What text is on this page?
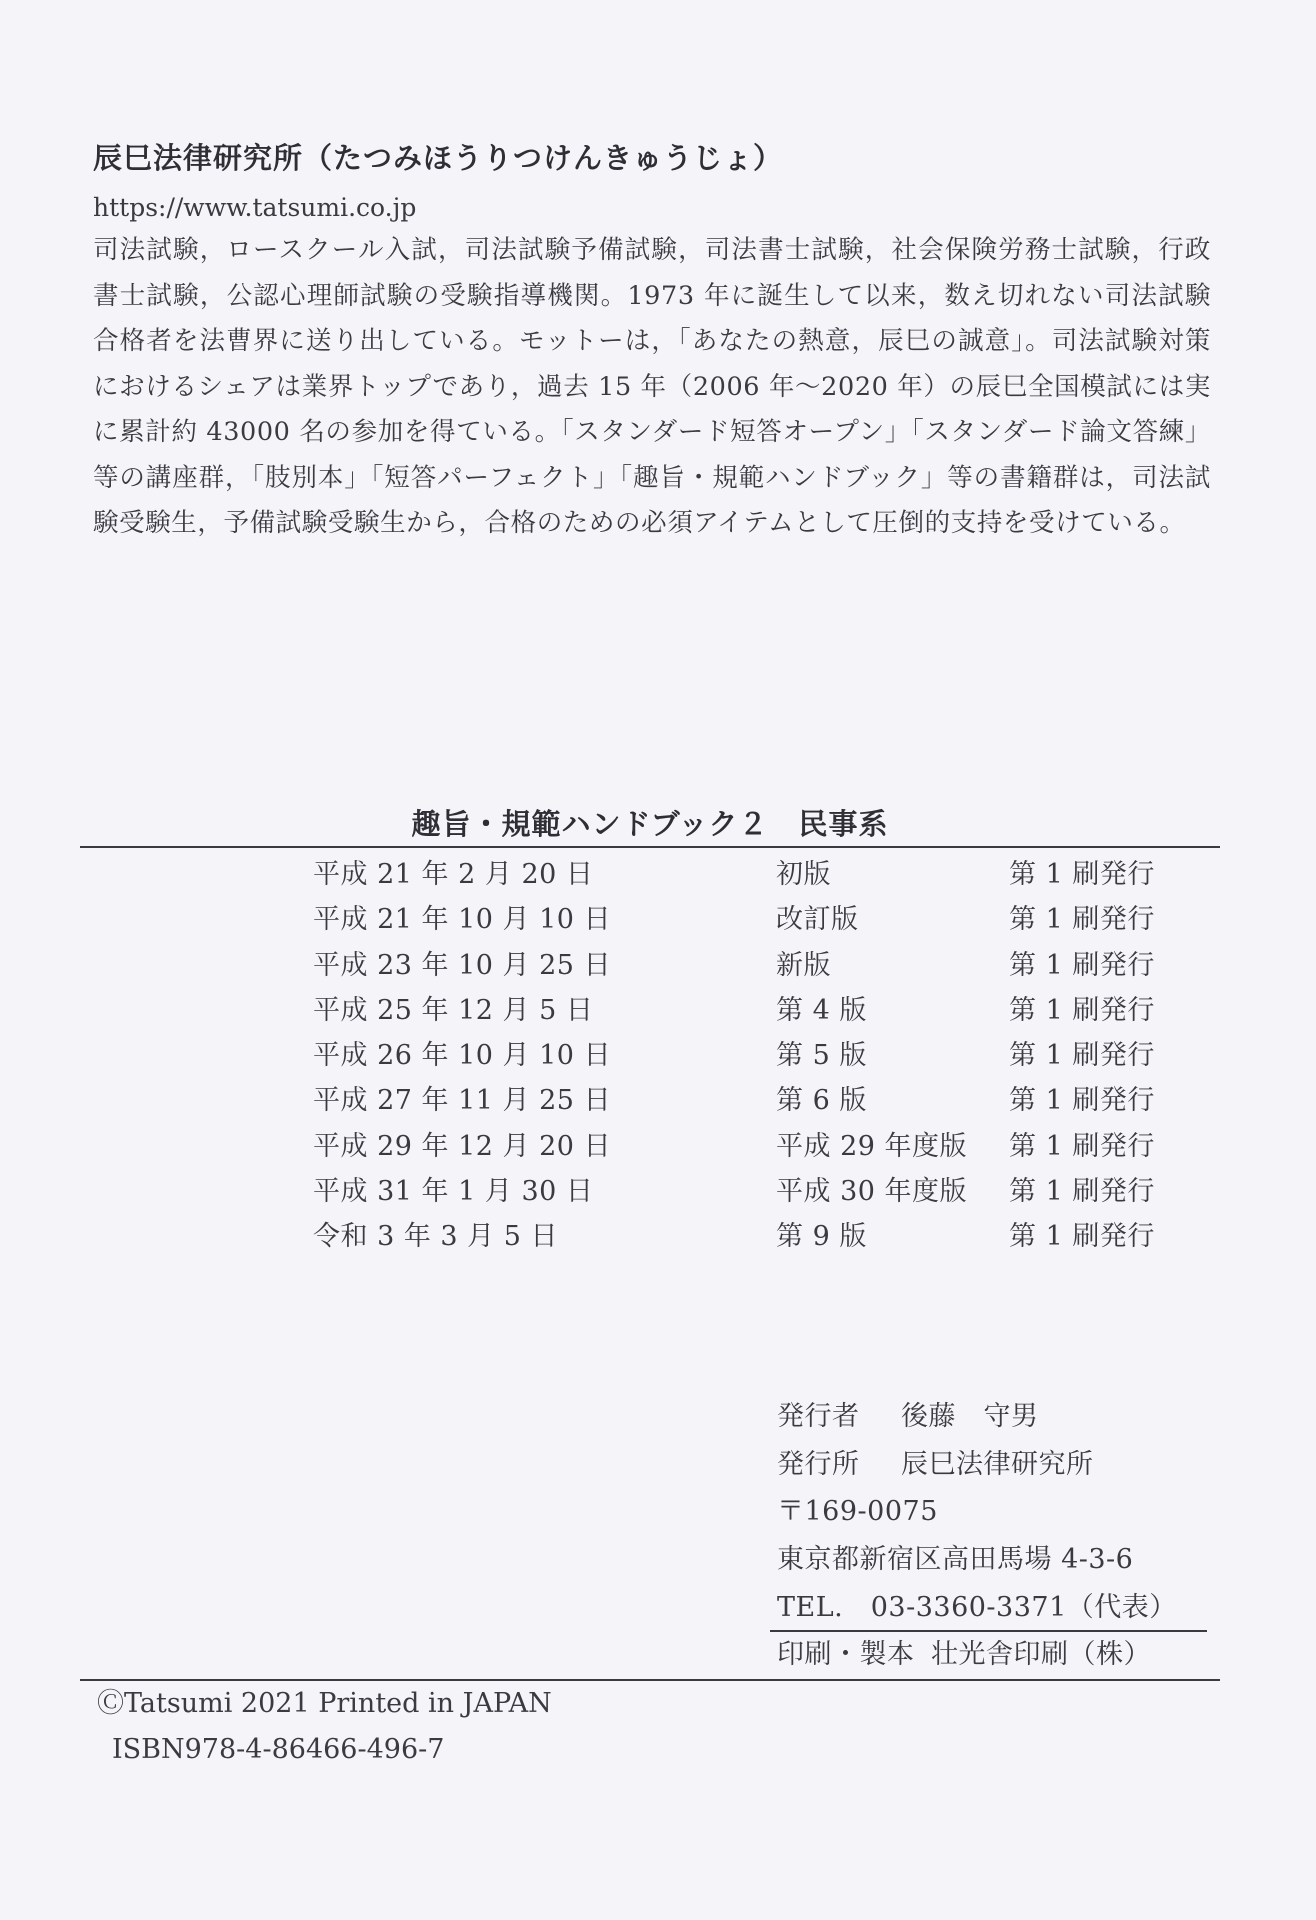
辰巳法律研究所（たつみほうりつけんきゅうじょ）
https://www.tatsumi.co.jp
司法試験，ロースクール入試，司法試験予備試験，司法書士試験，社会保険労務士試験，行政書士試験，公認心理師試験の受験指導機関。1973 年に誕生して以来，数え切れない司法試験合格者を法曹界に送り出している。モットーは，「あなたの熱意，辰巳の誠意」。司法試験対策におけるシェアは業界トップであり，過去 15 年（2006 年～2020 年）の辰巳全国模試には実に累計約 43000 名の参加を得ている。「スタンダード短答オープン」「スタンダード論文答練」等の講座群，「肢別本」「短答パーフェクト」「趣旨・規範ハンドブック」等の書籍群は，司法試験受験生，予備試験受験生から，合格のための必須アイテムとして圧倒的支持を受けている。
趣旨・規範ハンドブック２　民事系
平成 21 年 2 月 20 日	初版	第 1 刷発行
平成 21 年 10 月 10 日	改訂版	第 1 刷発行
平成 23 年 10 月 25 日	新版	第 1 刷発行
平成 25 年 12 月 5 日	第 4 版	第 1 刷発行
平成 26 年 10 月 10 日	第 5 版	第 1 刷発行
平成 27 年 11 月 25 日	第 6 版	第 1 刷発行
平成 29 年 12 月 20 日	平成 29 年度版	第 1 刷発行
平成 31 年 1 月 30 日	平成 30 年度版	第 1 刷発行
令和 3 年 3 月 5 日	第 9 版	第 1 刷発行
発行者 後藤　守男
発行所 辰巳法律研究所
〒169-0075
東京都新宿区高田馬場 4-3-6
TEL.　03-3360-3371（代表）
印刷・製本 壮光舎印刷（株）
ⒸTatsumi 2021 Printed in JAPAN
ISBN978-4-86466-496-7
